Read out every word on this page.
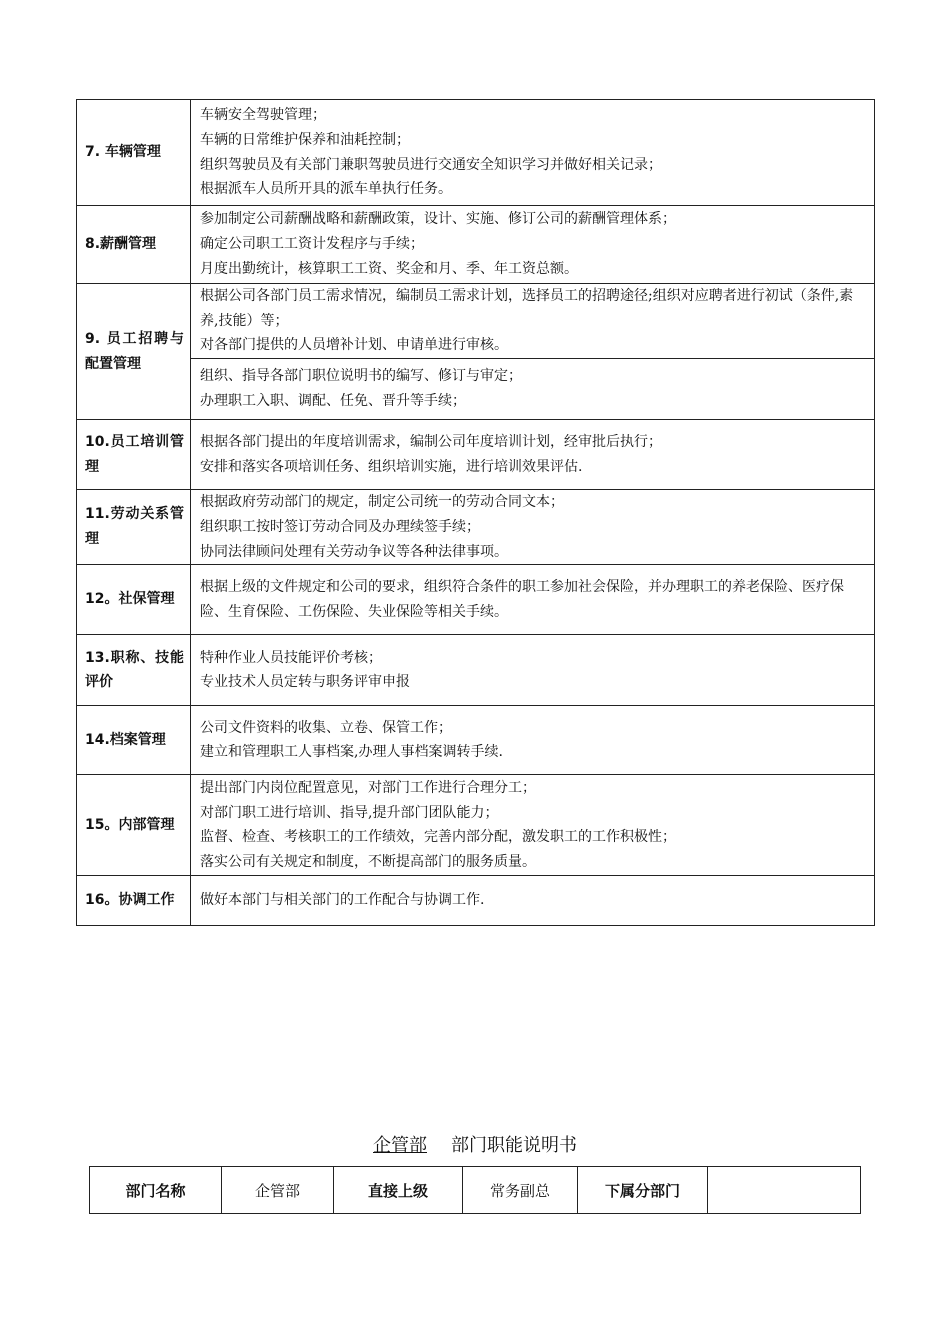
7. 车辆管理	车辆安全驾驶管理；
车辆的日常维护保养和油耗控制；
组织驾驶员及有关部门兼职驾驶员进行交通安全知识学习并做好相关记录；
根据派车人员所开具的派车单执行任务。

8.薪酬管理	参加制定公司薪酬战略和薪酬政策，设计、实施、修订公司的薪酬管理体系；
确定公司职工工资计发程序与手续；
月度出勤统计，核算职工工资、奖金和月、季、年工资总额。

9. 员工招聘与配置管理	根据公司各部门员工需求情况，编制员工需求计划，选择员工的招聘途径;组织对应聘者进行初试（条件,素养,技能）等；
对各部门提供的人员增补计划、申请单进行审核。

	组织、指导各部门职位说明书的编写、修订与审定；
办理职工入职、调配、任免、晋升等手续；

10.员工培训管理	根据各部门提出的年度培训需求，编制公司年度培训计划，经审批后执行；
安排和落实各项培训任务、组织培训实施，进行培训效果评估.

11.劳动关系管理	根据政府劳动部门的规定，制定公司统一的劳动合同文本；
组织职工按时签订劳动合同及办理续签手续；
协同法律顾问处理有关劳动争议等各种法律事项。

12。社保管理	根据上级的文件规定和公司的要求，组织符合条件的职工参加社会保险，并办理职工的养老保险、医疗保险、生育保险、工伤保险、失业保险等相关手续。

13.职称、技能评价	特种作业人员技能评价考核；
专业技术人员定转与职务评审申报

14.档案管理	公司文件资料的收集、立卷、保管工作；
建立和管理职工人事档案,办理人事档案调转手续.

15。内部管理	提出部门内岗位配置意见，对部门工作进行合理分工；
对部门职工进行培训、指导,提升部门团队能力；
监督、检查、考核职工的工作绩效，完善内部分配，激发职工的工作积极性；
落实公司有关规定和制度，不断提高部门的服务质量。

16。协调工作	做好本部门与相关部门的工作配合与协调工作.
企管部 部门职能说明书
部门名称	企管部	直接上级	常务副总	下属分部门	
